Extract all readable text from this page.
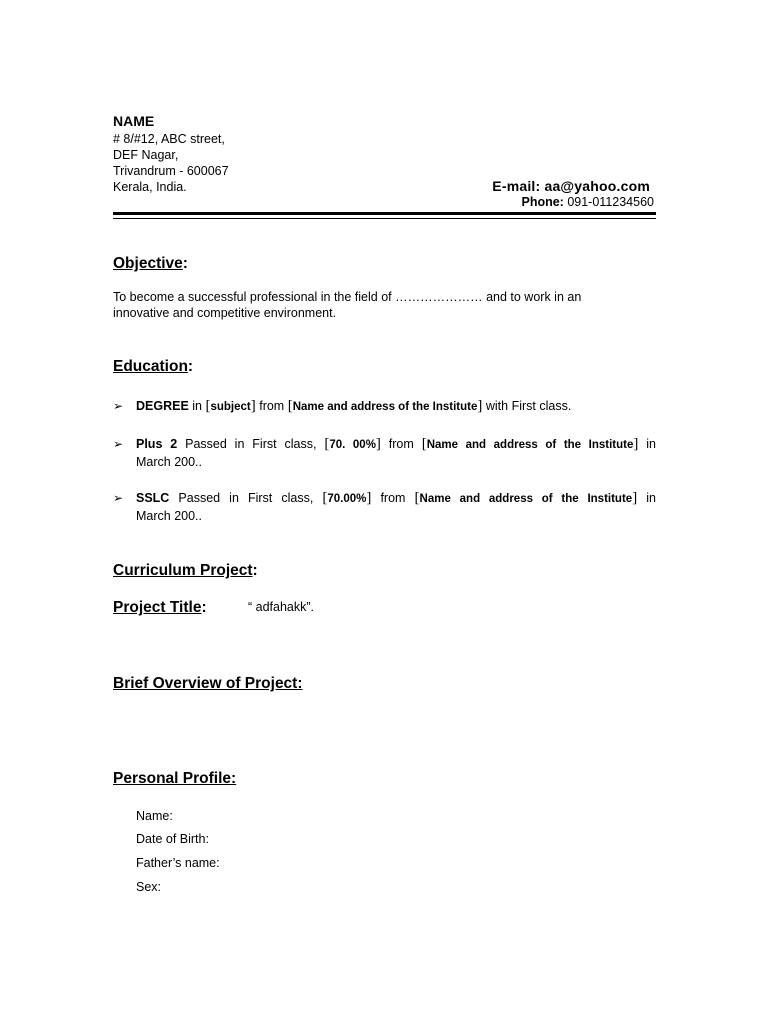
NAME
# 8/#12, ABC street,
DEF Nagar,
Trivandrum - 600067
Kerala, India.	E-mail: aa@yahoo.com
Phone: 091-011234560
Objective:
To become a successful professional in the field of ………………… and to work in an
innovative and competitive environment.
Education:
➢ DEGREE in [subject] from [Name and address of the Institute] with First class.
➢ Plus 2 Passed in First class, [70. 00%] from [Name and address of the Institute] in
March 200..
➢ SSLC Passed in First class, [70.00%] from [Name and address of the Institute] in
March 200..
Curriculum Project:
Project Title:	“ adfahakk”.
Brief Overview of Project:
Personal Profile:
Name:
Date of Birth:
Father’s name:
Sex:
